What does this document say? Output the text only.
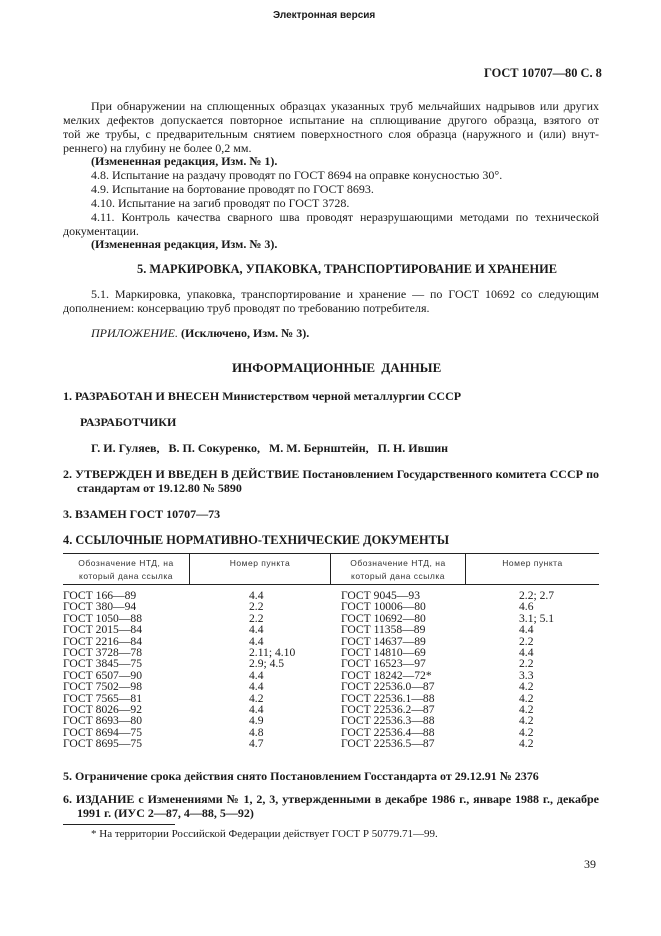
Электронная версия
ГОСТ 10707—80 С. 8
При обнаружении на сплющенных образцах указанных труб мельчайших надрывов или других
мелких дефектов допускается повторное испытание на сплющивание другого образца, взятого от
той же трубы, с предварительным снятием поверхностного слоя образца (наружного и (или) внут-
реннего) на глубину не более 0,2 мм.
(Измененная редакция, Изм. № 1).
4.8. Испытание на раздачу проводят по ГОСТ 8694 на оправке конусностью 30°.
4.9. Испытание на бортование проводят по ГОСТ 8693.
4.10. Испытание на загиб проводят по ГОСТ 3728.
4.11. Контроль качества сварного шва проводят неразрушающими методами по технической
документации.
(Измененная редакция, Изм. № 3).
5. МАРКИРОВКА, УПАКОВКА, ТРАНСПОРТИРОВАНИЕ И ХРАНЕНИЕ
5.1. Маркировка, упаковка, транспортирование и хранение — по ГОСТ 10692 со следующим
дополнением: консервацию труб проводят по требованию потребителя.
ПРИЛОЖЕНИЕ. (Исключено, Изм. № 3).
ИНФОРМАЦИОННЫЕ ДАННЫЕ
1. РАЗРАБОТАН И ВНЕСЕН Министерством черной металлургии СССР
РАЗРАБОТЧИКИ
Г. И. Гуляев,   В. П. Сокуренко,   М. М. Бернштейн,   П. Н. Ившин
2. УТВЕРЖДЕН И ВВЕДЕН В ДЕЙСТВИЕ Постановлением Государственного комитета СССР по
стандартам от 19.12.80 № 5890
3. ВЗАМЕН ГОСТ 10707—73
4. ССЫЛОЧНЫЕ НОРМАТИВНО-ТЕХНИЧЕСКИЕ ДОКУМЕНТЫ
Обозначение НТД, на
который дана ссылка
Номер пункта	Обозначение НТД, на
который дана ссылка
Номер пункта
ГОСТ 166—89
ГОСТ 380—94
ГОСТ 1050—88
ГОСТ 2015—84
ГОСТ 2216—84
ГОСТ 3728—78
ГОСТ 3845—75
ГОСТ 6507—90
ГОСТ 7502—98
ГОСТ 7565—81
ГОСТ 8026—92
ГОСТ 8693—80
ГОСТ 8694—75
ГОСТ 8695—75
4.4
2.2
2.2
4.4
4.4
2.11; 4.10
2.9; 4.5
4.4
4.4
4.2
4.4
4.9
4.8
4.7
ГОСТ 9045—93
ГОСТ 10006—80
ГОСТ 10692—80
ГОСТ 11358—89
ГОСТ 14637—89
ГОСТ 14810—69
ГОСТ 16523—97
ГОСТ 18242—72*
ГОСТ 22536.0—87
ГОСТ 22536.1—88
ГОСТ 22536.2—87
ГОСТ 22536.3—88
ГОСТ 22536.4—88
ГОСТ 22536.5—87
2.2; 2.7
4.6
3.1; 5.1
4.4
2.2
4.4
2.2
3.3
4.2
4.2
4.2
4.2
4.2
4.2
5. Ограничение срока действия снято Постановлением Госстандарта от 29.12.91 № 2376
6. ИЗДАНИЕ с Изменениями № 1, 2, 3, утвержденными в декабре 1986 г., январе 1988 г., декабре
1991 г. (ИУС 2—87, 4—88, 5—92)
* На территории Российской Федерации действует ГОСТ Р 50779.71—99.
39
